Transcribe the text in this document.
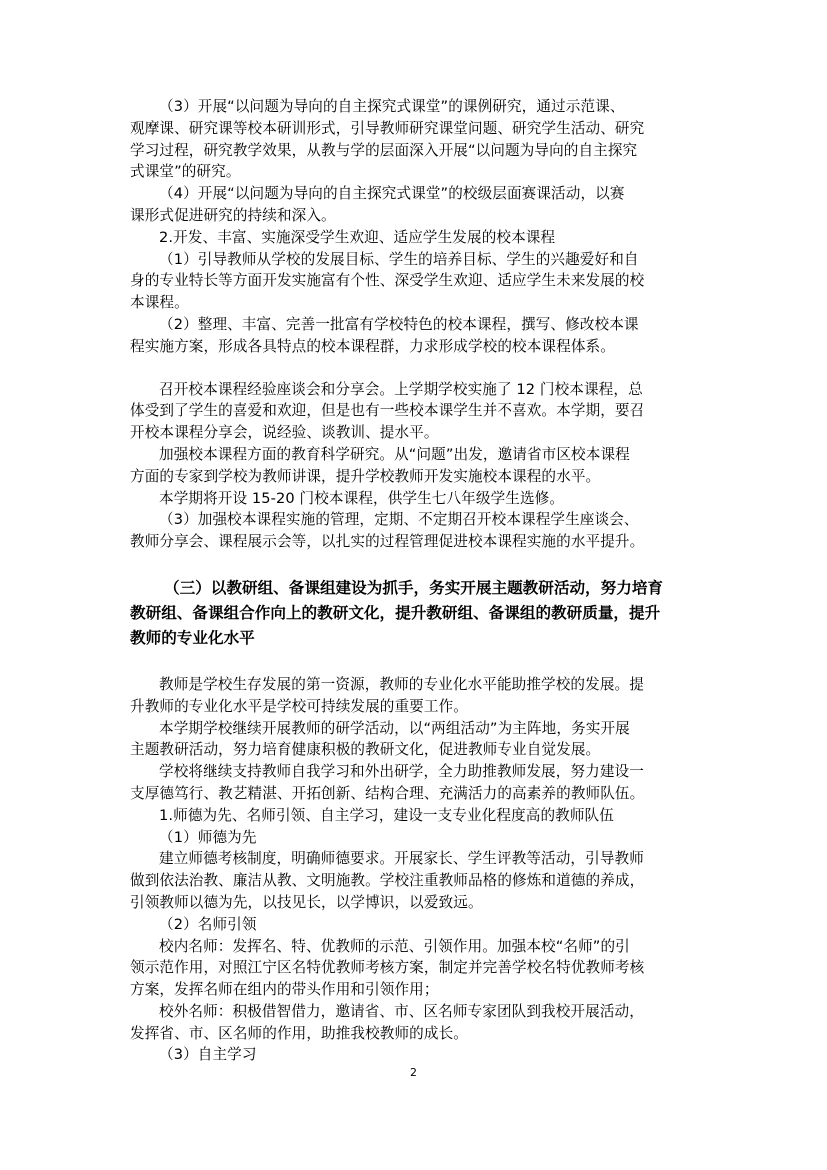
（3）开展“以问题为导向的自主探究式课堂”的课例研究，通过示范课、

观摩课、研究课等校本研训形式，引导教师研究课堂问题、研究学生活动、研究

学习过程，研究教学效果，从教与学的层面深入开展“以问题为导向的自主探究

式课堂”的研究。

（4）开展“以问题为导向的自主探究式课堂”的校级层面赛课活动，以赛

课形式促进研究的持续和深入。

2.开发、丰富、实施深受学生欢迎、适应学生发展的校本课程

（1）引导教师从学校的发展目标、学生的培养目标、学生的兴趣爱好和自

身的专业特长等方面开发实施富有个性、深受学生欢迎、适应学生未来发展的校

本课程。

（2）整理、丰富、完善一批富有学校特色的校本课程，撰写、修改校本课

程实施方案，形成各具特点的校本课程群，力求形成学校的校本课程体系。

召开校本课程经验座谈会和分享会。上学期学校实施了 12 门校本课程，总

体受到了学生的喜爱和欢迎，但是也有一些校本课学生并不喜欢。本学期，要召

开校本课程分享会，说经验、谈教训、提水平。

加强校本课程方面的教育科学研究。从“问题”出发，邀请省市区校本课程

方面的专家到学校为教师讲课，提升学校教师开发实施校本课程的水平。

本学期将开设 15-20 门校本课程，供学生七八年级学生选修。

（3）加强校本课程实施的管理，定期、不定期召开校本课程学生座谈会、

教师分享会、课程展示会等，以扎实的过程管理促进校本课程实施的水平提升。

（三）以教研组、备课组建设为抓手，务实开展主题教研活动，努力培育

教研组、备课组合作向上的教研文化，提升教研组、备课组的教研质量，提升

教师的专业化水平

教师是学校生存发展的第一资源，教师的专业化水平能助推学校的发展。提

升教师的专业化水平是学校可持续发展的重要工作。

本学期学校继续开展教师的研学活动，以“两组活动”为主阵地，务实开展

主题教研活动，努力培育健康积极的教研文化，促进教师专业自觉发展。

学校将继续支持教师自我学习和外出研学，全力助推教师发展，努力建设一

支厚德笃行、教艺精湛、开拓创新、结构合理、充满活力的高素养的教师队伍。

1.师德为先、名师引领、自主学习，建设一支专业化程度高的教师队伍

（1）师德为先

建立师德考核制度，明确师德要求。开展家长、学生评教等活动，引导教师

做到依法治教、廉洁从教、文明施教。学校注重教师品格的修炼和道德的养成，

引领教师以德为先，以技见长，以学博识，以爱致远。

（2）名师引领

校内名师：发挥名、特、优教师的示范、引领作用。加强本校“名师”的引

领示范作用，对照江宁区名特优教师考核方案，制定并完善学校名特优教师考核

方案，发挥名师在组内的带头作用和引领作用；

校外名师：积极借智借力，邀请省、市、区名师专家团队到我校开展活动，

发挥省、市、区名师的作用，助推我校教师的成长。

（3）自主学习

2
